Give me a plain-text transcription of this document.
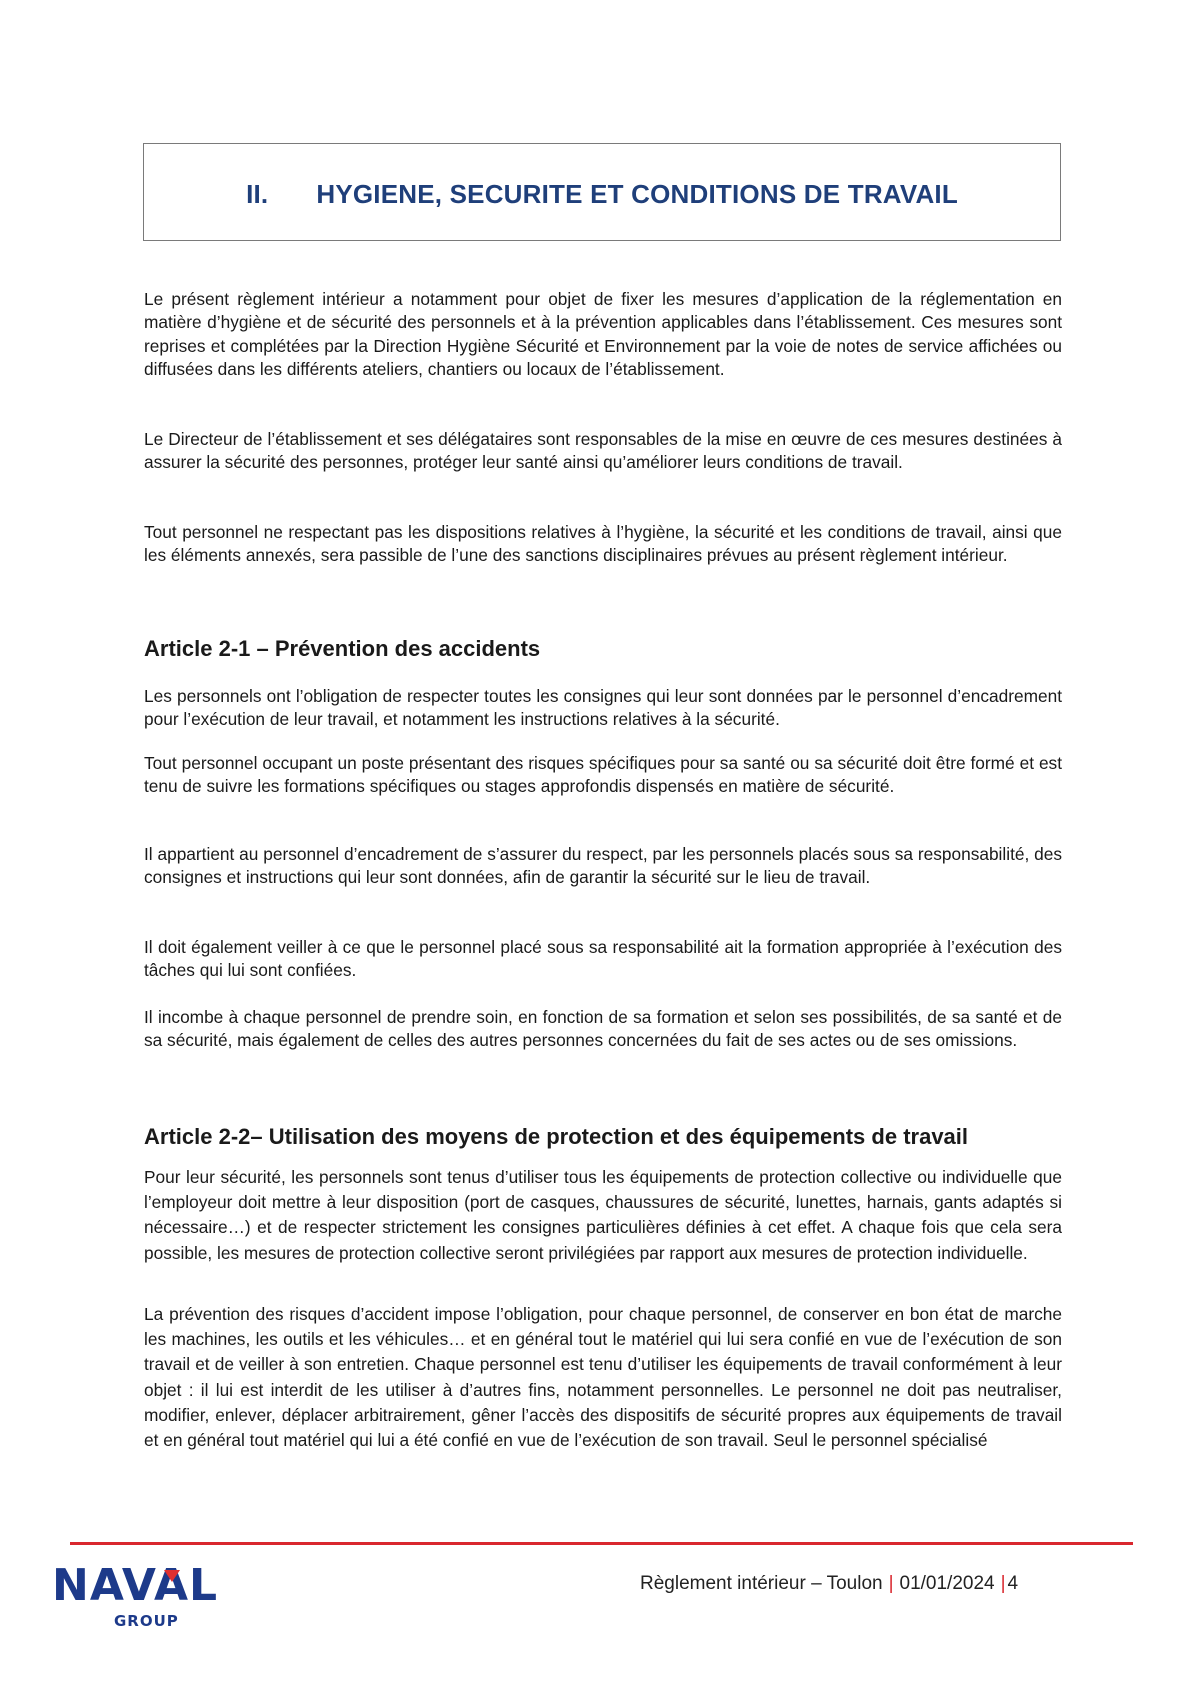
II. HYGIENE, SECURITE ET CONDITIONS DE TRAVAIL

Le présent règlement intérieur a notamment pour objet de fixer les mesures d’application de la réglementation en matière d’hygiène et de sécurité des personnels et à la prévention applicables dans l’établissement. Ces mesures sont reprises et complétées par la Direction Hygiène Sécurité et Environnement par la voie de notes de service affichées ou diffusées dans les différents ateliers, chantiers ou locaux de l’établissement.

Le Directeur de l’établissement et ses délégataires sont responsables de la mise en œuvre de ces mesures destinées à assurer la sécurité des personnes, protéger leur santé ainsi qu’améliorer leurs conditions de travail.

Tout personnel ne respectant pas les dispositions relatives à l’hygiène, la sécurité et les conditions de travail, ainsi que les éléments annexés, sera passible de l’une des sanctions disciplinaires prévues au présent règlement intérieur.

Article 2-1 – Prévention des accidents

Les personnels ont l’obligation de respecter toutes les consignes qui leur sont données par le personnel d’encadrement pour l’exécution de leur travail, et notamment les instructions relatives à la sécurité.

Tout personnel occupant un poste présentant des risques spécifiques pour sa santé ou sa sécurité doit être formé et est tenu de suivre les formations spécifiques ou stages approfondis dispensés en matière de sécurité.

Il appartient au personnel d’encadrement de s’assurer du respect, par les personnels placés sous sa responsabilité, des consignes et instructions qui leur sont données, afin de garantir la sécurité sur le lieu de travail.

Il doit également veiller à ce que le personnel placé sous sa responsabilité ait la formation appropriée à l’exécution des tâches qui lui sont confiées.

Il incombe à chaque personnel de prendre soin, en fonction de sa formation et selon ses possibilités, de sa santé et de sa sécurité, mais également de celles des autres personnes concernées du fait de ses actes ou de ses omissions.

Article 2-2– Utilisation des moyens de protection et des équipements de travail

Pour leur sécurité, les personnels sont tenus d’utiliser tous les équipements de protection collective ou individuelle que l’employeur doit mettre à leur disposition (port de casques, chaussures de sécurité, lunettes, harnais, gants adaptés si nécessaire…) et de respecter strictement les consignes particulières définies à cet effet. A chaque fois que cela sera possible, les mesures de protection collective seront privilégiées par rapport aux mesures de protection individuelle.

La prévention des risques d’accident impose l’obligation, pour chaque personnel, de conserver en bon état de marche les machines, les outils et les véhicules… et en général tout le matériel qui lui sera confié en vue de l’exécution de son travail et de veiller à son entretien. Chaque personnel est tenu d’utiliser les équipements de travail conformément à leur objet : il lui est interdit de les utiliser à d’autres fins, notamment personnelles. Le personnel ne doit pas neutraliser, modifier, enlever, déplacer arbitrairement, gêner l’accès des dispositifs de sécurité propres aux équipements de travail et en général tout matériel qui lui a été confié en vue de l’exécution de son travail. Seul le personnel spécialisé

NAVAL
GROUP
Règlement intérieur – Toulon | 01/01/2024 | 4
